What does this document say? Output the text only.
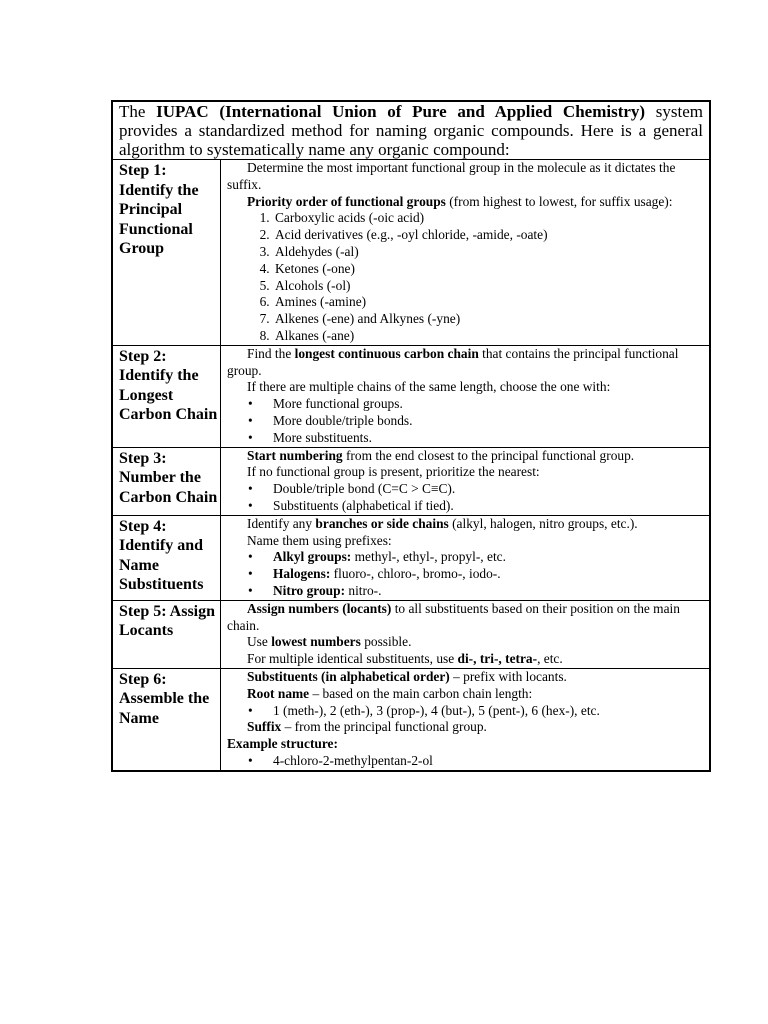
The IUPAC (International Union of Pure and Applied Chemistry) system provides a standardized method for naming organic compounds. Here is a general algorithm to systematically name any organic compound:
Step 1: Identify the Principal Functional Group

Determine the most important functional group in the molecule as it dictates the suffix.

Priority order of functional groups (from highest to lowest, for suffix usage):

1. Carboxylic acids (-oic acid)
2. Acid derivatives (e.g., -oyl chloride, -amide, -oate)
3. Aldehydes (-al)
4. Ketones (-one)
5. Alcohols (-ol)
6. Amines (-amine)
7. Alkenes (-ene) and Alkynes (-yne)
8. Alkanes (-ane)
Step 2: Identify the Longest Carbon Chain

Find the longest continuous carbon chain that contains the principal functional group.

If there are multiple chains of the same length, choose the one with:

• More functional groups.
• More double/triple bonds.
• More substituents.
Step 3: Number the Carbon Chain

Start numbering from the end closest to the principal functional group.

If no functional group is present, prioritize the nearest:

• Double/triple bond (C=C > C≡C).
• Substituents (alphabetical if tied).
Step 4: Identify and Name Substituents

Identify any branches or side chains (alkyl, halogen, nitro groups, etc.).

Name them using prefixes:

• Alkyl groups: methyl-, ethyl-, propyl-, etc.
• Halogens: fluoro-, chloro-, bromo-, iodo-.
• Nitro group: nitro-.
Step 5: Assign Locants

Assign numbers (locants) to all substituents based on their position on the main chain.

Use lowest numbers possible.

For multiple identical substituents, use di-, tri-, tetra-, etc.

Step 6: Assemble the Name

Substituents (in alphabetical order) – prefix with locants.

Root name – based on the main carbon chain length:

• 1 (meth-), 2 (eth-), 3 (prop-), 4 (but-), 5 (pent-), 6 (hex-), etc.

Suffix – from the principal functional group.

Example structure:

• 4-chloro-2-methylpentan-2-ol
